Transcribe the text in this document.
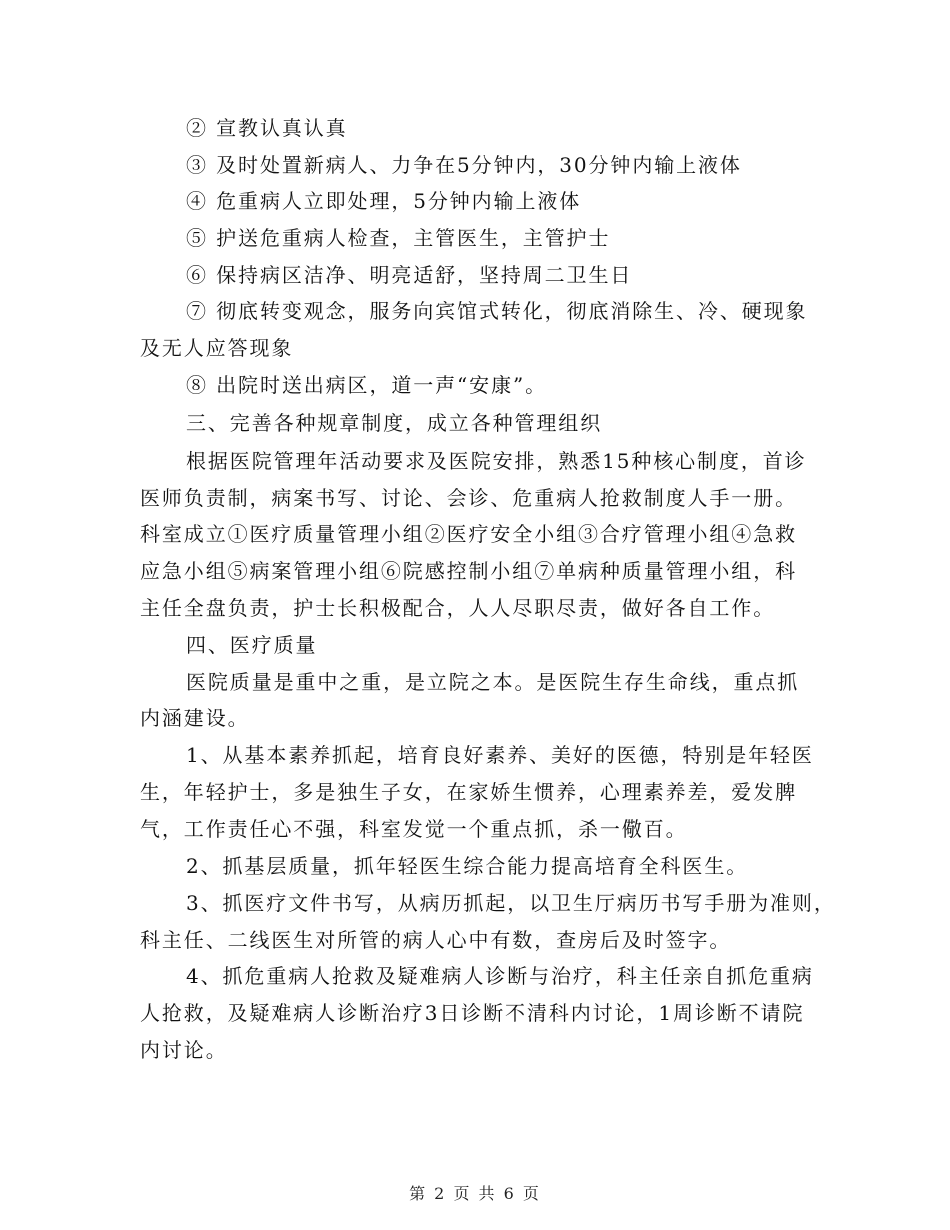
② 宣教认真认真
③ 及时处置新病人、力争在5分钟内，30分钟内输上液体
④ 危重病人立即处理，5分钟内输上液体
⑤ 护送危重病人检查，主管医生，主管护士
⑥ 保持病区洁净、明亮适舒，坚持周二卫生日
⑦ 彻底转变观念，服务向宾馆式转化，彻底消除生、冷、硬现象
及无人应答现象
⑧ 出院时送出病区，道一声“安康”。
三、完善各种规章制度，成立各种管理组织
根据医院管理年活动要求及医院安排，熟悉15种核心制度，首诊
医师负责制，病案书写、讨论、会诊、危重病人抢救制度人手一册。
科室成立①医疗质量管理小组②医疗安全小组③合疗管理小组④急救
应急小组⑤病案管理小组⑥院感控制小组⑦单病种质量管理小组，科
主任全盘负责，护士长积极配合，人人尽职尽责，做好各自工作。
四、医疗质量
医院质量是重中之重，是立院之本。是医院生存生命线，重点抓
内涵建设。
1、从基本素养抓起，培育良好素养、美好的医德，特别是年轻医
生，年轻护士，多是独生子女，在家娇生惯养，心理素养差，爱发脾
气，工作责任心不强，科室发觉一个重点抓，杀一儆百。
2、抓基层质量，抓年轻医生综合能力提高培育全科医生。
3、抓医疗文件书写，从病历抓起，以卫生厅病历书写手册为准则，
科主任、二线医生对所管的病人心中有数，查房后及时签字。
4、抓危重病人抢救及疑难病人诊断与治疗，科主任亲自抓危重病
人抢救，及疑难病人诊断治疗3日诊断不清科内讨论，1周诊断不请院
内讨论。
第 2 页 共 6 页
